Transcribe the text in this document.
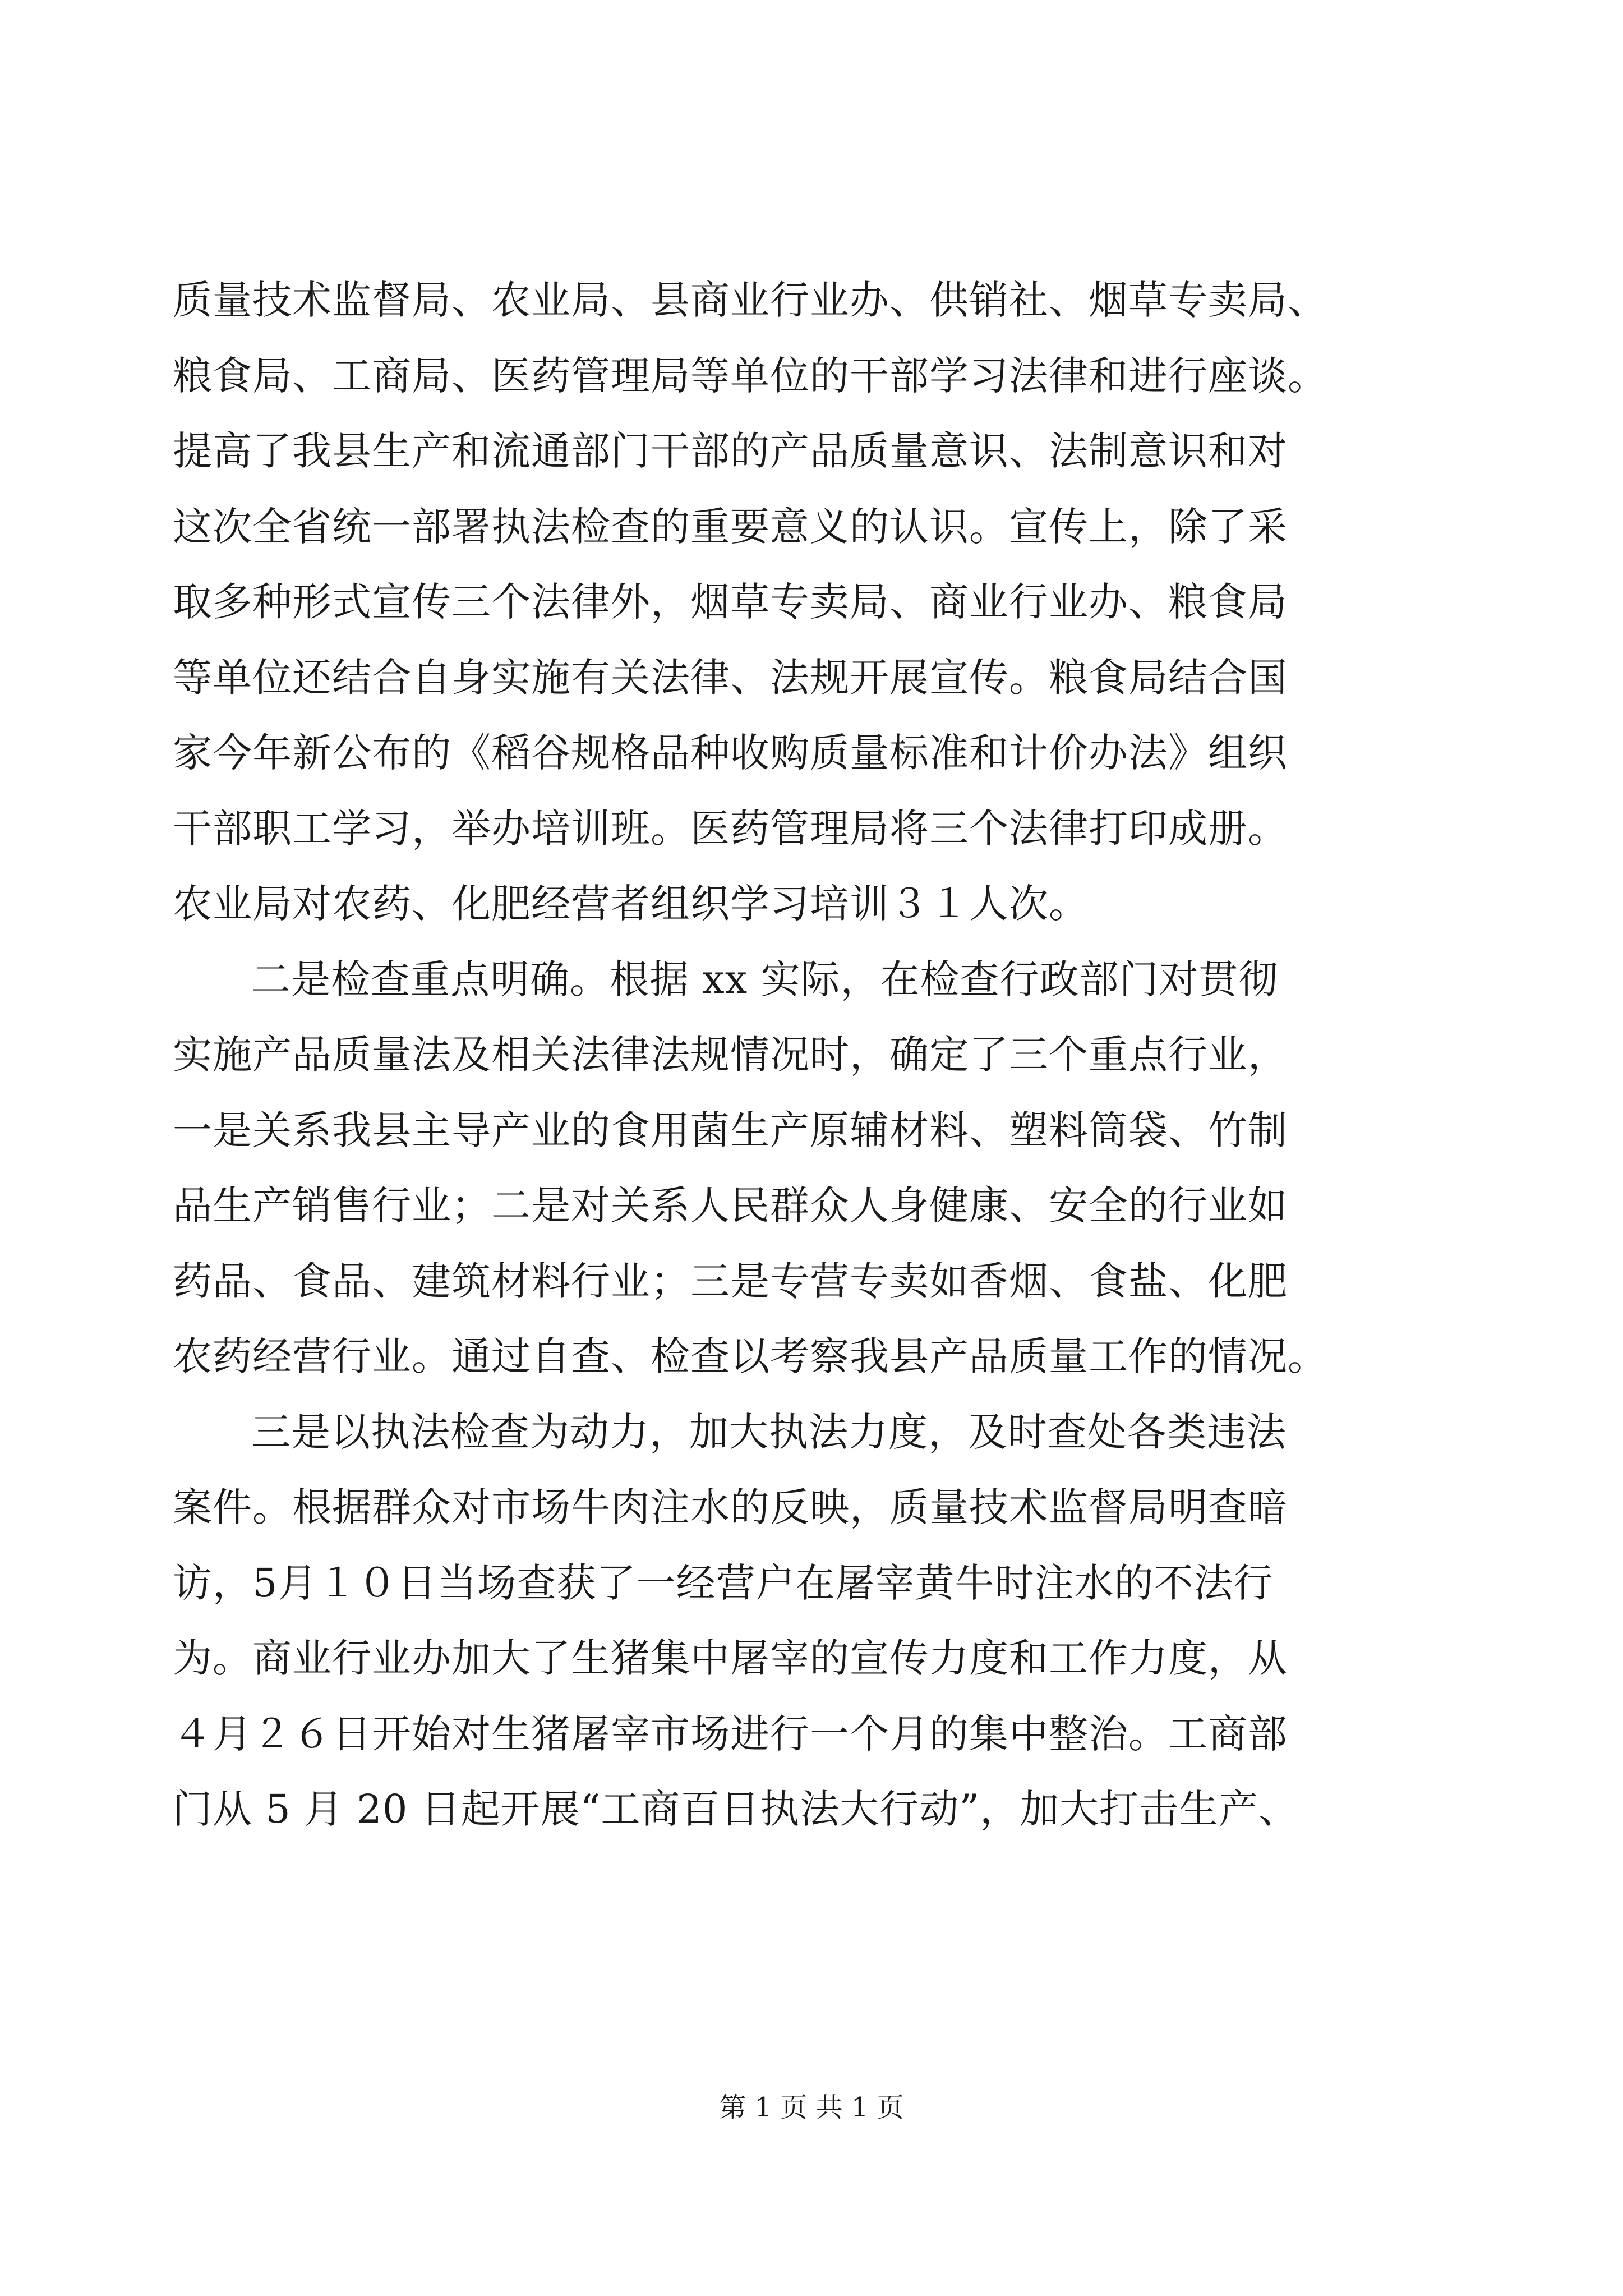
质量技术监督局、农业局、县商业行业办、供销社、烟草专卖局、
粮食局、工商局、医药管理局等单位的干部学习法律和进行座谈。
提高了我县生产和流通部门干部的产品质量意识、法制意识和对
这次全省统一部署执法检查的重要意义的认识。宣传上，除了采
取多种形式宣传三个法律外，烟草专卖局、商业行业办、粮食局
等单位还结合自身实施有关法律、法规开展宣传。粮食局结合国
家今年新公布的《稻谷规格品种收购质量标准和计价办法》组织
干部职工学习，举办培训班。医药管理局将三个法律打印成册。
农业局对农药、化肥经营者组织学习培训３１人次。
二是检查重点明确。根据 xx 实际，在检查行政部门对贯彻
实施产品质量法及相关法律法规情况时，确定了三个重点行业，
一是关系我县主导产业的食用菌生产原辅材料、塑料筒袋、竹制
品生产销售行业；二是对关系人民群众人身健康、安全的行业如
药品、食品、建筑材料行业；三是专营专卖如香烟、食盐、化肥
农药经营行业。通过自查、检查以考察我县产品质量工作的情况。
三是以执法检查为动力，加大执法力度，及时查处各类违法
案件。根据群众对市场牛肉注水的反映，质量技术监督局明查暗
访，5月１０日当场查获了一经营户在屠宰黄牛时注水的不法行
为。商业行业办加大了生猪集中屠宰的宣传力度和工作力度，从
４月２６日开始对生猪屠宰市场进行一个月的集中整治。工商部
门从 5 月 20 日起开展“工商百日执法大行动”，加大打击生产、
第 1 页 共 1 页
